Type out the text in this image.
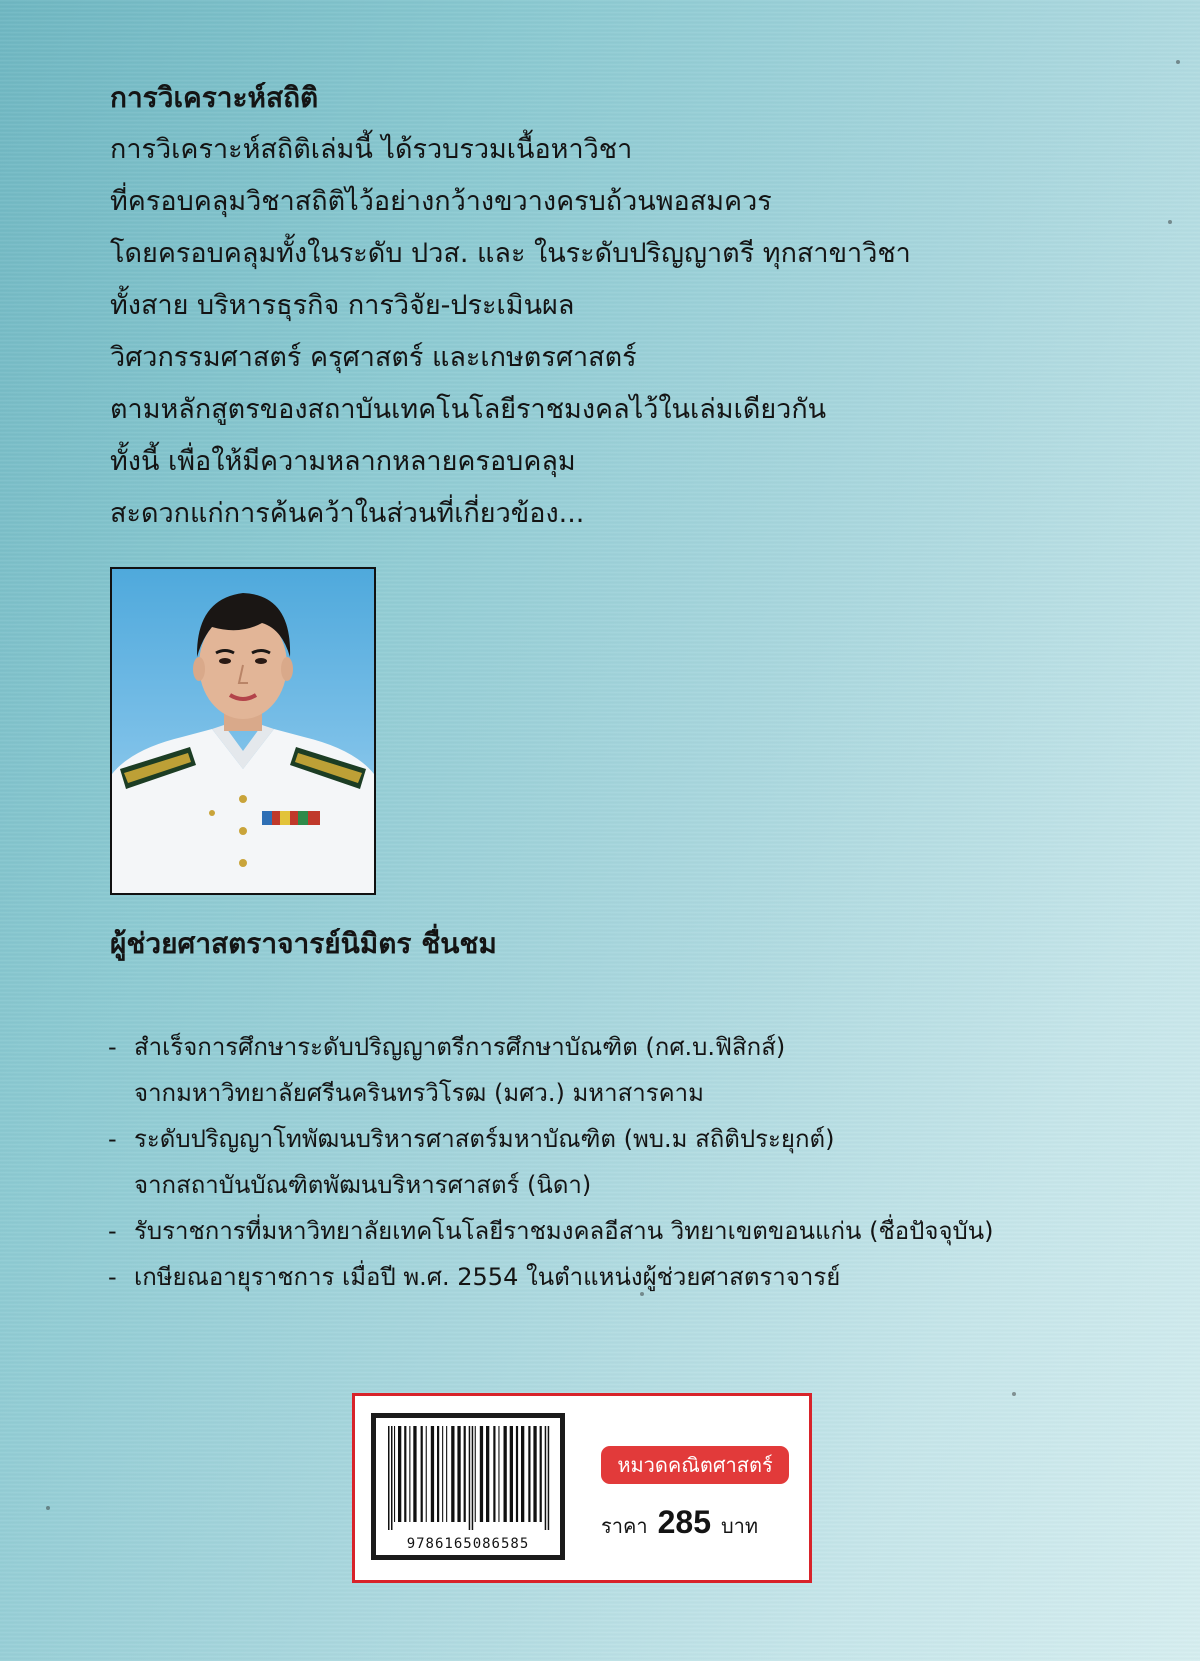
การวิเคราะห์สถิติ
การวิเคราะห์สถิติเล่มนี้ ได้รวบรวมเนื้อหาวิชา
ที่ครอบคลุมวิชาสถิติไว้อย่างกว้างขวางครบถ้วนพอสมควร
โดยครอบคลุมทั้งในระดับ ปวส. และ ในระดับปริญญาตรี ทุกสาขาวิชา
ทั้งสาย บริหารธุรกิจ การวิจัย-ประเมินผล
วิศวกรรมศาสตร์ ครุศาสตร์ และเกษตรศาสตร์
ตามหลักสูตรของสถาบันเทคโนโลยีราชมงคลไว้ในเล่มเดียวกัน
ทั้งนี้ เพื่อให้มีความหลากหลายครอบคลุม
สะดวกแก่การค้นคว้าในส่วนที่เกี่ยวข้อง...
ผู้ช่วยศาสตราจารย์นิมิตร ชื่นชม
- สำเร็จการศึกษาระดับปริญญาตรีการศึกษาบัณฑิต (กศ.บ.ฟิสิกส์)
จากมหาวิทยาลัยศรีนครินทรวิโรฒ (มศว.) มหาสารคาม
- ระดับปริญญาโทพัฒนบริหารศาสตร์มหาบัณฑิต (พบ.ม สถิติประยุกต์)
จากสถาบันบัณฑิตพัฒนบริหารศาสตร์ (นิดา)
- รับราชการที่มหาวิทยาลัยเทคโนโลยีราชมงคลอีสาน วิทยาเขตขอนแก่น (ชื่อปัจจุบัน)
- เกษียณอายุราชการ เมื่อปี พ.ศ. 2554 ในตำแหน่งผู้ช่วยศาสตราจารย์
9786165086585
หมวดคณิตศาสตร์
ราคา 285 บาท
